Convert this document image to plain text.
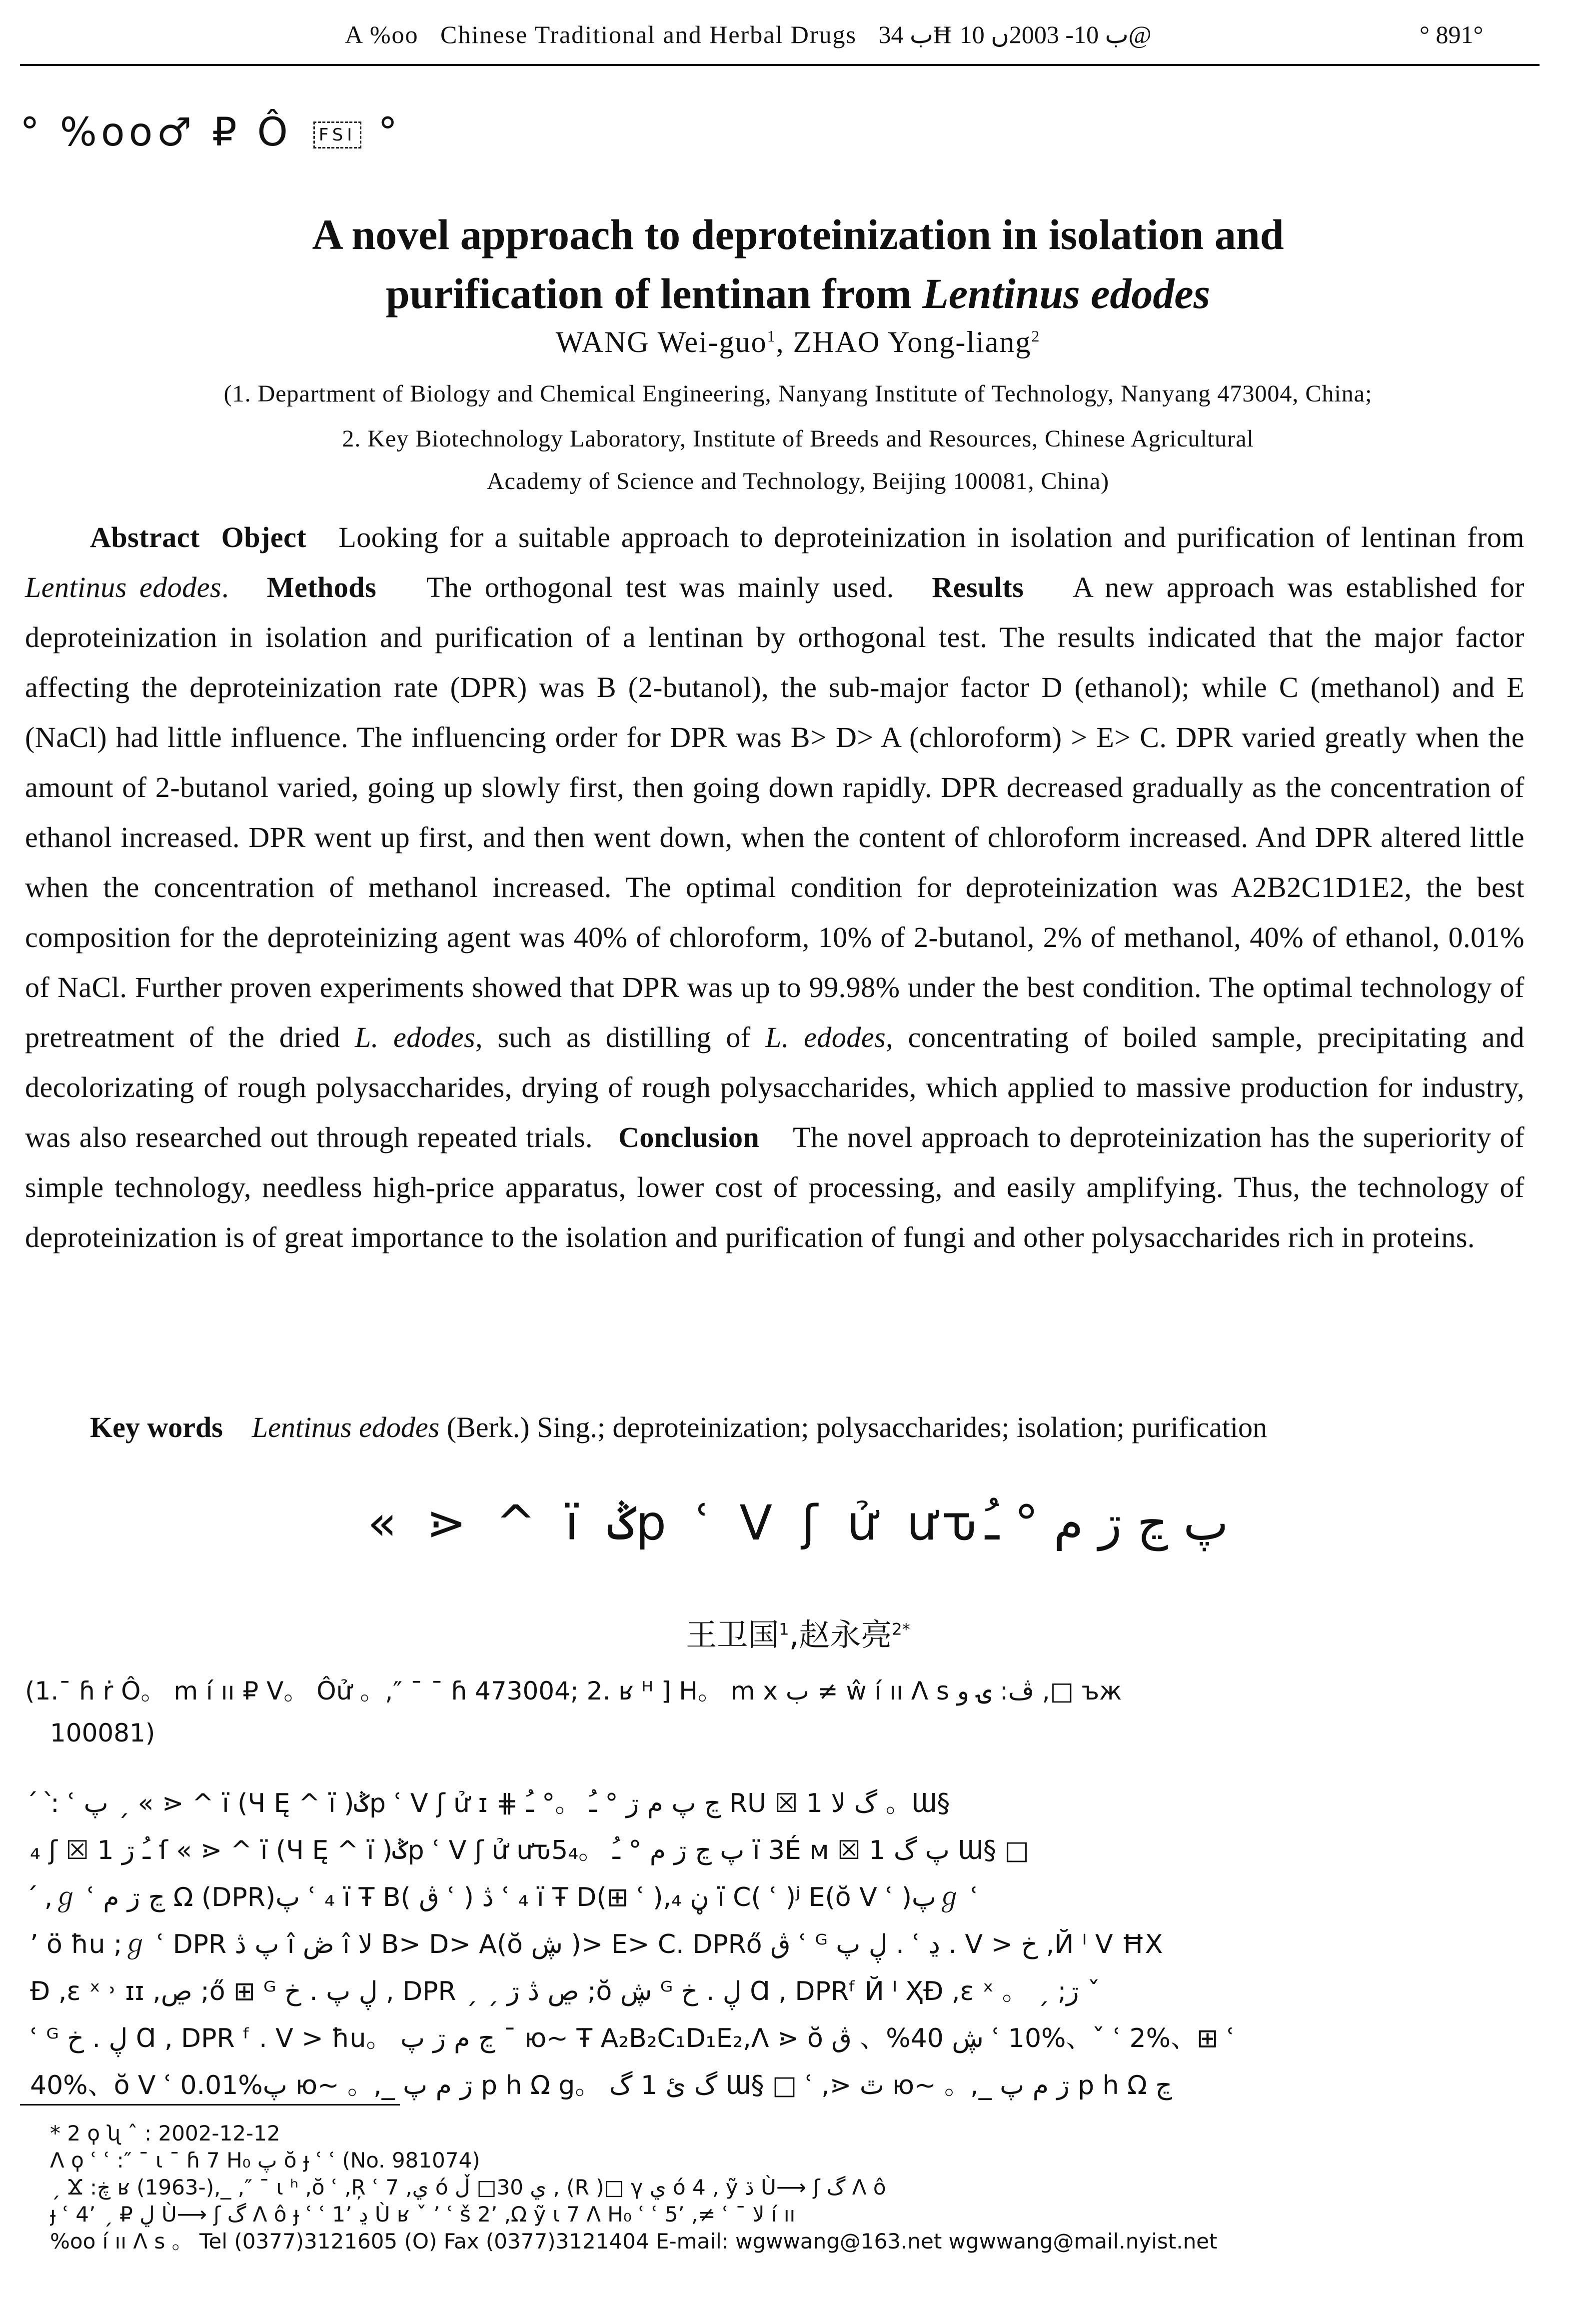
A %oo Chinese Traditional and Herbal Drugs ب 34Ħ ب 10- 2003ں 10@	° 891°
° %oo♂ ₽ Ô FSI °
A novel approach to deproteinization in isolation and
purification of lentinan from Lentinus edodes
WANG Wei-guo$^1$, ZHAO Yong-liang$^2$
(1. Department of Biology and Chemical Engineering, Nanyang Institute of Technology, Nanyang 473004, China;
2. Key Biotechnology Laboratory, Institute of Breeds and Resources, Chinese Agricultural
Academy of Science and Technology, Beijing 100081, China)
Abstract Object Looking for a suitable approach to deproteinization in isolation and purification of lentinan from Lentinus edodes. Methods The orthogonal test was mainly used. Results A new approach was established for deproteinization in isolation and purification of a lentinan by orthogonal test. The results indicated that the major factor affecting the deproteinization rate (DPR) was B (2-butanol), the sub-major factor D (ethanol); while C (methanol) and E (NaCl) had little influence. The influencing order for DPR was B> D> A (chloroform) > E> C. DPR varied greatly when the amount of 2-butanol varied, going up slowly first, then going down rapidly. DPR decreased gradually as the concentration of ethanol increased. DPR went up first, and then went down, when the content of chloroform increased. And DPR altered little when the concentration of methanol increased. The optimal condition for deproteinization was A2B2C1D1E2, the best composition for the deproteinizing agent was 40% of chloroform, 10% of 2-butanol, 2% of methanol, 40% of ethanol, 0.01% of NaCl. Further proven experiments showed that DPR was up to 99.98% under the best condition. The optimal technology of pretreatment of the dried L. edodes, such as distilling of L. edodes, concentrating of boiled sample, precipitating and decolorizating of rough polysaccharides, drying of rough polysaccharides, which applied to massive production for industry, was also researched out through repeated trials. Conclusion The novel approach to deproteinization has the superiority of simple technology, needless high-price apparatus, lower cost of processing, and easily amplifying. Thus, the technology of deproteinization is of great importance to the isolation and purification of fungi and other polysaccharides rich in proteins.
Key words Lentinus edodes (Berk.) Sing.; deproteinization; polysaccharides; isolation; purification
« ⋗ ^ ï ݣp ՙ V ʃ ử ưԏپ ڃ ڗ م ° ـُ
王卫国$^1$,赵永亮$^{2*}$
(1.¯ ɦ ṙ Ô。 m í ıı ₽ V。 Ôử 。,″ ¯ ¯ ɦ 473004; 2. ʁ ᴴ ] H。 m x ب ≠ ŵ í ıı Ʌ s ڤ: ۍ و ,□ ъж
100081)
՛ ՝: ՙ پ ˏ « ⋗ ^ ï (Ч Ę ^ ï )ݣp ՙ V ʃ ử ɪ ⋕ ڃ پ م ڗ ° ـُ 。° ـُ RU ☒ 1 گ لا 。Ɯ§
₄ ʃ ☒ 1 ـُ ڗ ſ « ⋗ ^ ï (Ч Ę ^ ï )ݣp ՙ V ʃ ử ưԏپ ڃ ڗ م ° ـُ 。5₄ ï 3É ᴍ ☒ 1 پ گ Ɯ§ □
՛ ,ℊ ՙ ڃ ڗ م Ω (DPR)پ ՙ ₄ ï Ŧ B( ڨ ՙ ) ڎ ՙ ₄ ï Ŧ D(⊞ ՙ ),ڼ ₄ ï C( ՙ )ʲ E(ŏ V ՙ )پℊ ՙ
ʼ ö ħu ;ℊ ՙ DPR پ ڎ î ڞ î لا B> D> A(ŏ ڜ )> E> C. DPRő ڨ ՙ ᴳ ڸ پ . ՙ ڍ . V > خ ,Й ᴵ V ĦX
Ɖ ,ε ˣ ˒ ɪɪ ,ڝ ;ő ⊞ ᴳ ڸ پ . خ , DPR ˏ ˏ ڝ ڎ ڗ ;ŏ ڜ ᴳ ڸ . خ Ɑ , DPRᶠ Й ᴵ ҲƉ ,ε ˣ 。 ˏ ;ڗ ˇ
ՙ ᴳ ڸ . خ Ɑ , DPR ᶠ . V > ħu。 ڃ م ڗ پ ¯ ю~ Ŧ A₂B₂C₁D₁E₂,Ʌ ⋗ ŏ ڜ 40%、 ڨ ՙ 10%、ˇ ՙ 2%、⊞ ՙ
40%、ŏ V ՙ 0.01%پ ю~ 。,_ ڗ م پ p h Ω g。 گ ئ 1 گ Ɯ§ □ ՙ ,⋗ ٿ ю~ 。,_ ڗ م پ p h Ω ڃ
* 2 ϙ ʯ ˆ : 2002-12-12
Ʌ ϙ ՙ ՙ :″ ¯ ι ¯ ɦ 7 H₀ پ ŏ ɟ ՙ ՙ (No. 981074)
ˏ Ϫ :ڿ ʁ (1963-),_ ,″ ¯ ι ʰ ,ŏ ՙ ,Ŗ ՙ 7 ,ي ó ي 30□ ڵ , (R )□ γ ي ó 4 , ỹ ڌ Ù⟶ ʃ گ Ʌ ô
ɟ ՙ 4ʼ ˏ ₽ ڸ Ù⟶ ʃ گ Ʌ ô ɟ ՙ ՙ 1ʼ ڍ Ù ʁ ˇ ʼ ՙ š 2ʼ ,Ω ỹ ι 7 Ʌ H₀ ՙ ՙ 5ʼ ,≠ ՙ ¯ لا í ıı
%oo í ıı Ʌ s 。 Tel (0377)3121605 (O) Fax (0377)3121404 E-mail: wgwwang@163.net wgwwang@mail.nyist.net
